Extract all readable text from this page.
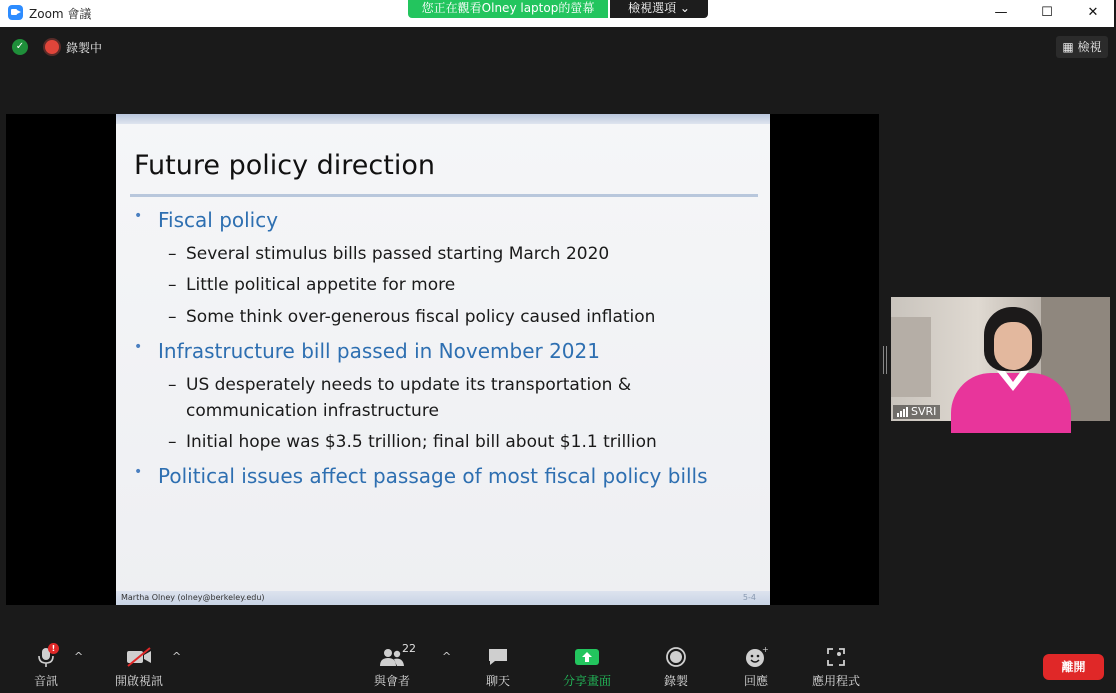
Zoom 會議	您正在觀看Olney laptop的螢幕	檢視選項 ⌄	—	☐	✕
✓	錄製中	▦ 檢視
Future policy direction
• Fiscal policy
– Several stimulus bills passed starting March 2020
– Little political appetite for more
– Some think over-generous fiscal policy caused inflation
• Infrastructure bill passed in November 2021
– US desperately needs to update its transportation & communication infrastructure
– Initial hope was $3.5 trillion; final bill about $1.1 trillion
• Political issues affect passage of most fiscal policy bills
Martha Olney (olney@berkeley.edu)	5-4
SVRI
!
音訊
^
開啟視訊
^
22
與會者
^
聊天	分享畫面	錄製
+
回應	應用程式
離開
